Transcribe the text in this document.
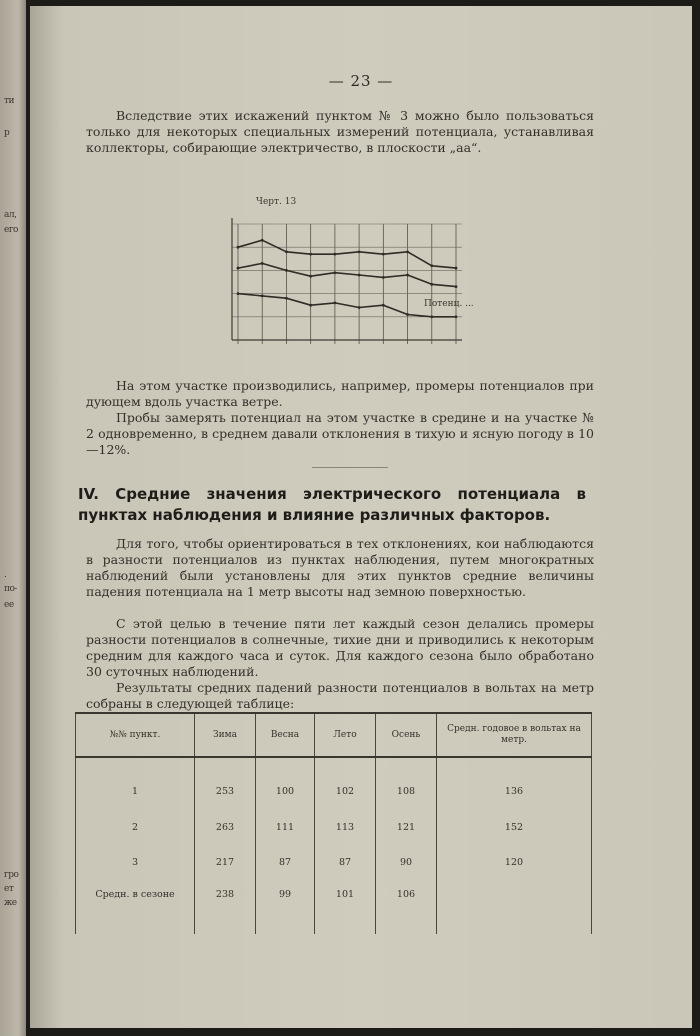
ти
р
ал,
его
.
по-
ее
гро
ет
же
— 23 —
Вследствие этих искажений пунктом № 3 можно было пользоваться только для некоторых специальных измерений потенциала, устанавливая коллекторы, собирающие электричество, в плоскости „aa“.
Черт. 13
Потенц. ...
На этом участке производились, например, промеры потенциалов при дующем вдоль участка ветре.
Пробы замерять потенциал на этом участке в средине и на участке № 2 одновременно, в среднем давали отклонения в тихую и ясную погоду в 10—12%.
IV. Средние значения электрического потенциала в пунктах наблюдения и влияние различных факторов.
Для того, чтобы ориентироваться в тех отклонениях, кои наблюдаются в разности потенциалов из пунктах наблюдения, путем многократных наблюдений были установлены для этих пунктов средние величины падения потенциала на 1 метр высоты над земною поверхностью.
С этой целью в течение пяти лет каждый сезон делались промеры разности потенциалов в солнечные, тихие дни и приводились к некоторым средним для каждого часа и суток. Для каждого сезона было обработано 30 суточных наблюдений.
Результаты средних падений разности потенциалов в вольтах на метр собраны в следующей таблице:
№№ пункт.	Зима	Весна	Лето	Осень	Средн. годовое в вольтах на метр.

1	253	100	102	108	136
2	263	111	113	121	152
3	217	87	87	90	120
Средн. в сезоне	238	99	101	106	
